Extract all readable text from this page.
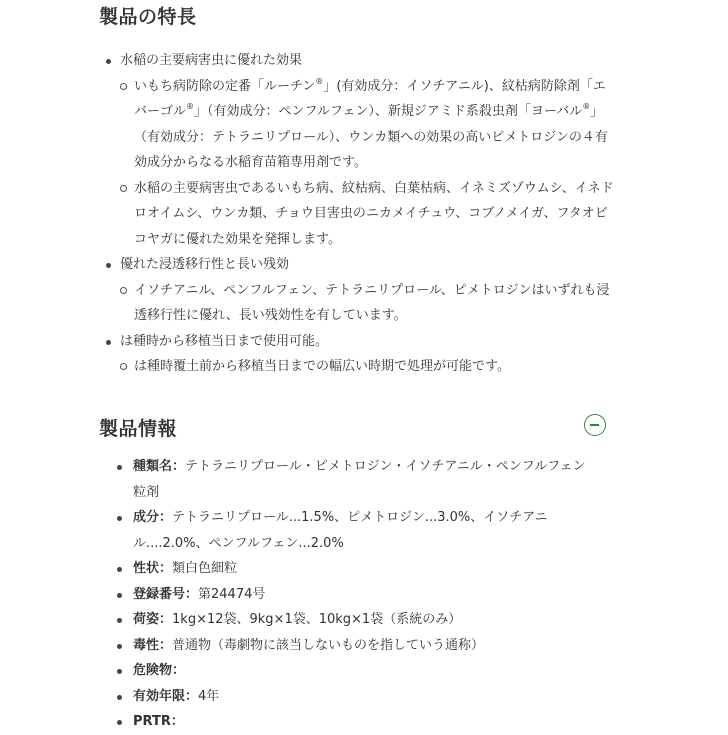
製品の特長
水稲の主要病害虫に優れた効果
いもち病防除の定番「ルーチン®」(有効成分：イソチアニル)、紋枯病防除剤「エバーゴル®」（有効成分：ペンフルフェン）、新規ジアミド系殺虫剤「ヨーバル®」（有効成分：テトラニリプロール）、ウンカ類への効果の高いピメトロジンの４有効成分からなる水稲育苗箱専用剤です。
水稲の主要病害虫であるいもち病、紋枯病、白葉枯病、イネミズゾウムシ、イネドロオイムシ、ウンカ類、チョウ目害虫のニカメイチュウ、コブノメイガ、フタオビコヤガに優れた効果を発揮します。
優れた浸透移行性と長い残効
イソチアニル、ペンフルフェン、テトラニリプロール、ピメトロジンはいずれも浸透移行性に優れ、長い残効性を有しています。
は種時から移植当日まで使用可能。
は種時覆土前から移植当日までの幅広い時期で処理が可能です。
製品情報
種類名：テトラニリプロール・ピメトロジン・イソチアニル・ペンフルフェン粒剤
成分：テトラニリプロール...1.5%、ピメトロジン...3.0%、イソチアニル....2.0%、ペンフルフェン...2.0%
性状：類白色細粒
登録番号：第24474号
荷姿：1kg×12袋、9kg×1袋、10kg×1袋（系統のみ）
毒性：普通物（毒劇物に該当しないものを指していう通称）
危険物：
有効年限：4年
PRTR：
